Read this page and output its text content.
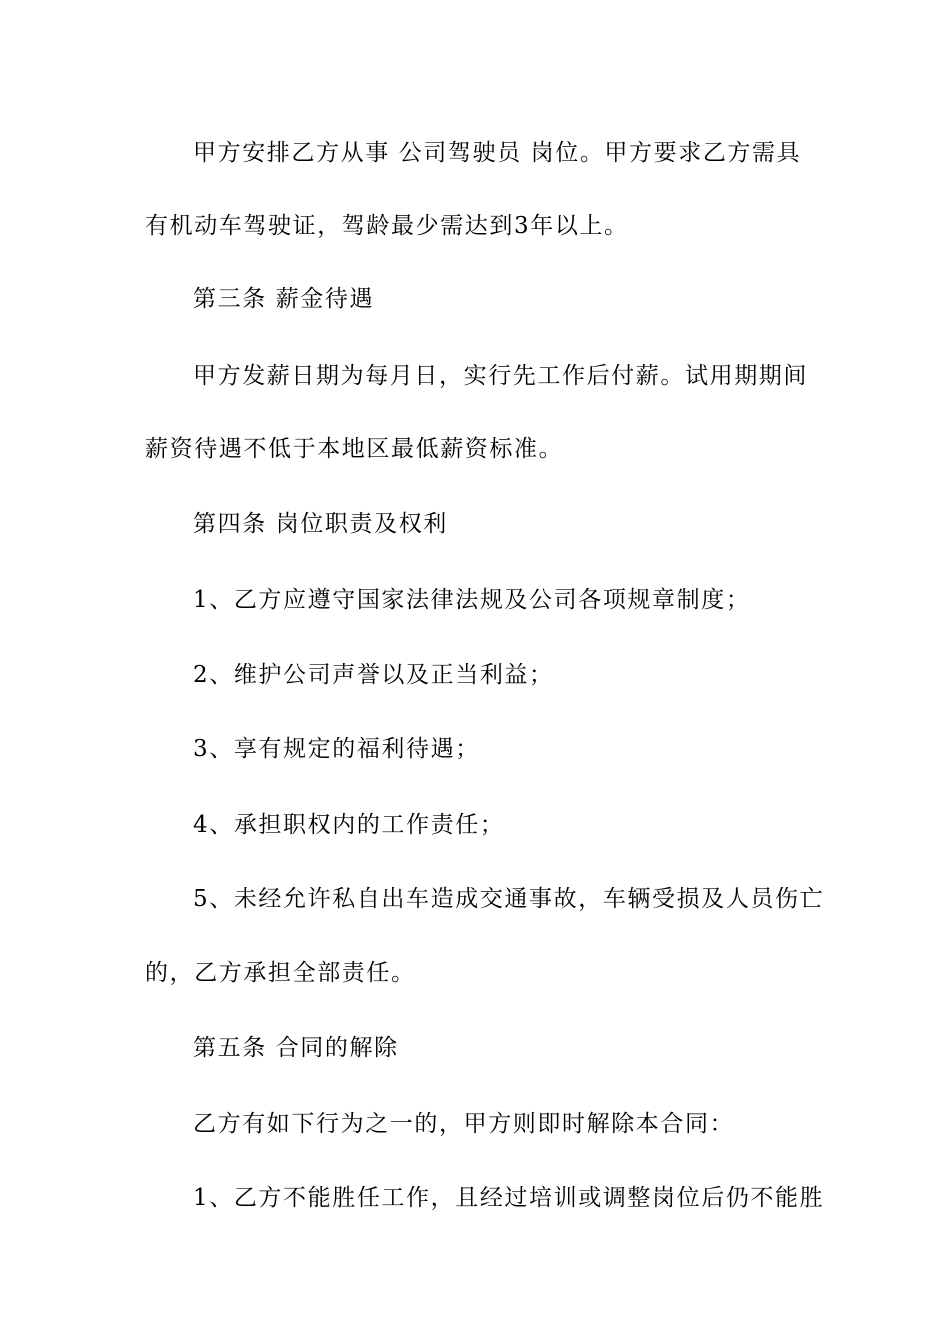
甲方安排乙方从事 公司驾驶员 岗位。甲方要求乙方需具
有机动车驾驶证，驾龄最少需达到3年以上。
第三条 薪金待遇
甲方发薪日期为每月日，实行先工作后付薪。试用期期间
薪资待遇不低于本地区最低薪资标准。
第四条 岗位职责及权利
1、乙方应遵守国家法律法规及公司各项规章制度；
2、维护公司声誉以及正当利益；
3、享有规定的福利待遇；
4、承担职权内的工作责任；
5、未经允许私自出车造成交通事故，车辆受损及人员伤亡
的，乙方承担全部责任。
第五条 合同的解除
乙方有如下行为之一的，甲方则即时解除本合同：
1、乙方不能胜任工作，且经过培训或调整岗位后仍不能胜
